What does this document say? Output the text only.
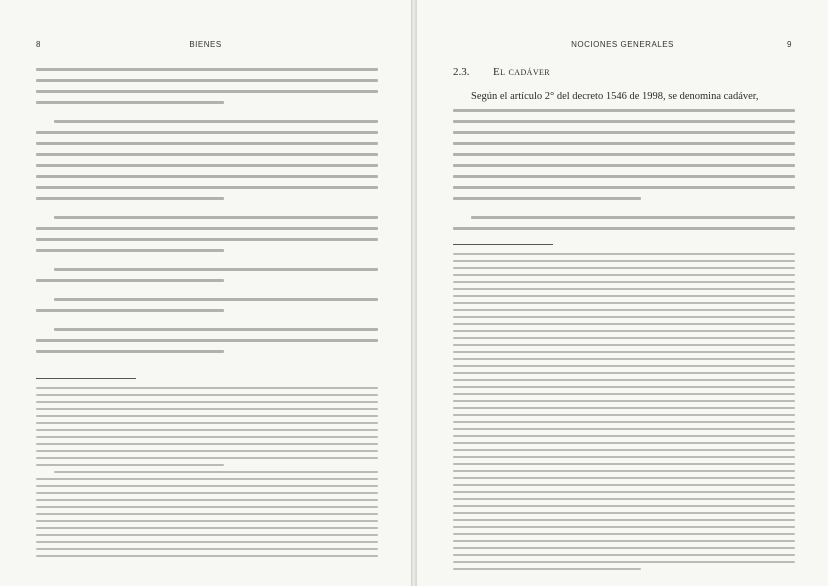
8	BIENES	9
NOCIONES GENERALES
2.3.	El cadáver

Según el artículo 2° del decreto 1546 de 1998, se denomina cadáver,
